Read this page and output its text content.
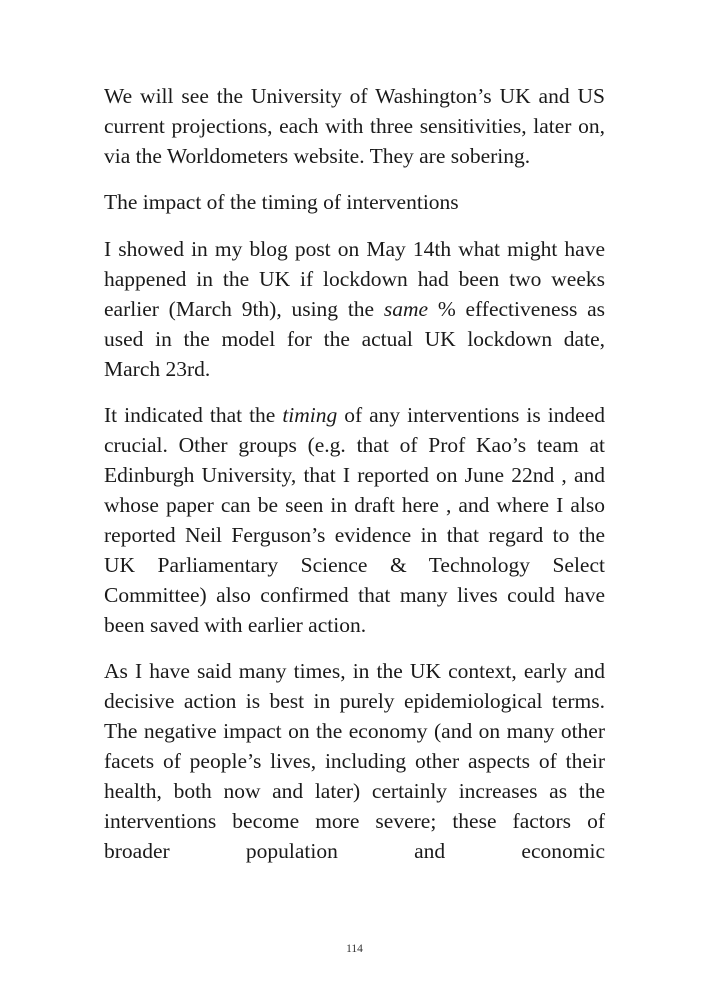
We will see the University of Washington’s UK and US current projections, each with three sensitivities, later on, via the Worldometers website. They are sobering.

The impact of the timing of interventions

I showed in my blog post on May 14th what might have happened in the UK if lockdown had been two weeks earlier (March 9th), using the same % effectiveness as used in the model for the actual UK lockdown date, March 23rd.

It indicated that the timing of any interventions is indeed crucial. Other groups (e.g. that of Prof Kao’s team at Edinburgh University, that I reported on June 22nd , and whose paper can be seen in draft here , and where I also reported Neil Ferguson’s evidence in that regard to the UK Parliamentary Science & Technology Select Committee) also confirmed that many lives could have been saved with earlier action.

As I have said many times, in the UK context, early and decisive action is best in purely epidemiological terms. The negative impact on the economy (and on many other facets of people’s lives, including other aspects of their health, both now and later) certainly increases as the interventions become more severe; these factors of broader population and economic

114
